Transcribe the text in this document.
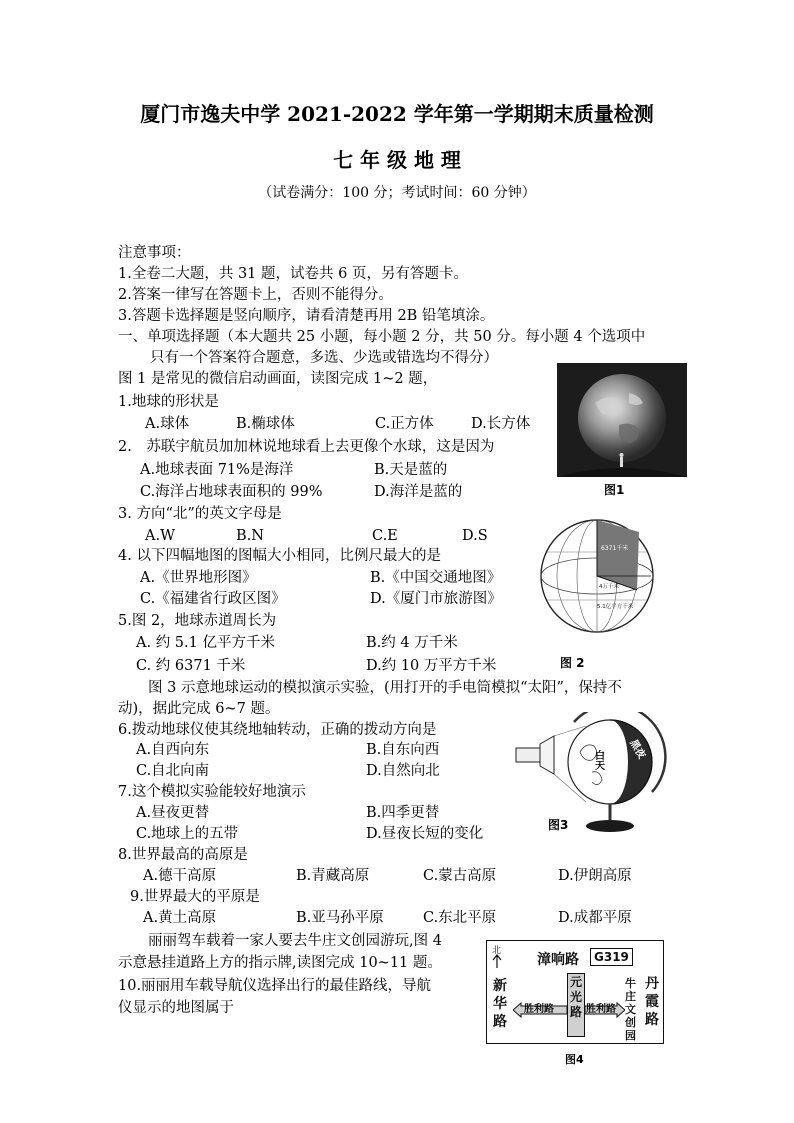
厦门市逸夫中学 2021-2022 学年第一学期期末质量检测
七 年 级 地 理
（试卷满分：100 分；考试时间：60 分钟）
注意事项：
1.全卷二大题，共 31 题，试卷共 6 页，另有答题卡。
2.答案一律写在答题卡上，否则不能得分。
3.答题卡选择题是竖向顺序，请看清楚再用 2B 铅笔填涂。
一、单项选择题（本大题共 25 小题，每小题 2 分，共 50 分。每小题 4 个选项中
只有一个答案符合题意，多选、少选或错选均不得分）
图 1 是常见的微信启动画面，读图完成 1~2 题，
1.地球的形状是
A.球体	B.椭球体	C.正方体	D.长方体
2.　苏联宇航员加加林说地球看上去更像个水球，这是因为
A.地球表面 71%是海洋	B.天是蓝的
C.海洋占地球表面积的 99%	D.海洋是蓝的
3. 方向“北”的英文字母是
A.W	B.N	C.E	D.S
4. 以下四幅地图的图幅大小相同，比例尺最大的是
A.《世界地形图》	B.《中国交通地图》
C.《福建省行政区图》	D.《厦门市旅游图》
5.图 2，地球赤道周长为
A. 约 5.1 亿平方千米	B.约 4 万千米
C. 约 6371 千米	D.约 10 万平方千米
图 3 示意地球运动的模拟演示实验，(用打开的手电筒模拟“太阳”，保持不
动)，据此完成 6~7 题。
6.拨动地球仪使其绕地轴转动，正确的拨动方向是
A.自西向东	B.自东向西
C.自北向南	D.自然向北
7.这个模拟实验能较好地演示
A.昼夜更替	B.四季更替
C.地球上的五带	D.昼夜长短的变化
8.世界最高的高原是
A.德干高原	B.青藏高原	C.蒙古高原	D.伊朗高原
9.世界最大的平原是
A.黄土高原	B.亚马孙平原	C.东北平原	D.成都平原
丽丽驾车载着一家人要去牛庄文创园游玩,图 4
示意悬挂道路上方的指示牌,读图完成 10~11 题。
10.丽丽用车载导航仪选择出行的最佳路线，导航
仪显示的地图属于
图1
6371千米
4万千米
5.1亿平方千米
图 2
白天 黑夜
图3
北
漳响路	G319
新华路
丹霞路
牛庄文创园
元光路
胜利路	胜利路
图4
